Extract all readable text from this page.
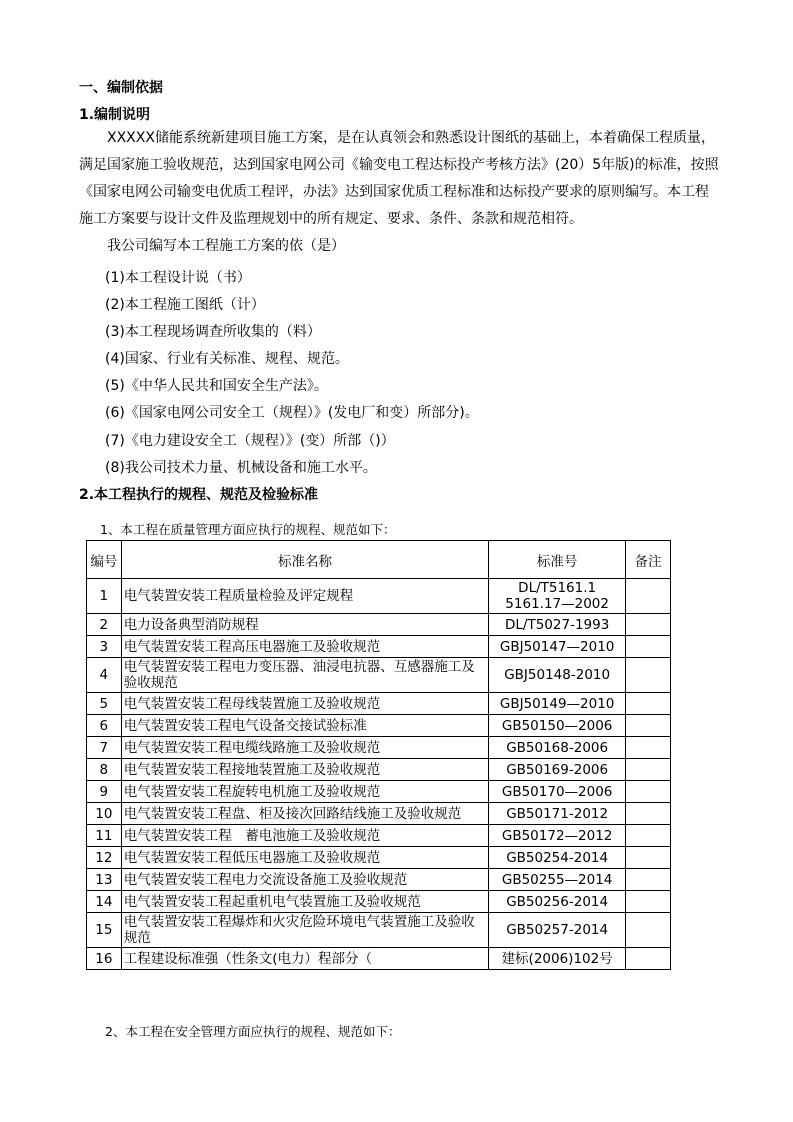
一、编制依据
1.编制说明
XXXXX储能系统新建项目施工方案，是在认真领会和熟悉设计图纸的基础上，本着确保工程质量，满足国家施工验收规范，达到国家电网公司《输变电工程达标投产考核方法》(20）5年版)的标准，按照《国家电网公司输变电优质工程评，办法》达到国家优质工程标准和达标投产要求的原则编写。本工程施工方案要与设计文件及监理规划中的所有规定、要求、条件、条款和规范相符。
我公司编写本工程施工方案的依（是）
(1)本工程设计说（书）
(2)本工程施工图纸（计）
(3)本工程现场调查所收集的（料）
(4)国家、行业有关标准、规程、规范。
(5)《中华人民共和国安全生产法》。
(6)《国家电网公司安全工（规程）》(发电厂和变）所部分)。
(7)《电力建设安全工（规程）》(变）所部（)）
(8)我公司技术力量、机械设备和施工水平。
2.本工程执行的规程、规范及检验标准
1、本工程在质量管理方面应执行的规程、规范如下：
编号	标准名称	标准号	备注
1	电气装置安装工程质量检验及评定规程	DL/T5161.1
5161.17—2002	
2	电力设备典型消防规程	DL/T5027-1993	
3	电气装置安装工程高压电器施工及验收规范	GBJ50147—2010	
4	电气装置安装工程电力变压器、油浸电抗器、互感器施工及验收规范	GBJ50148-2010	
5	电气装置安装工程母线装置施工及验收规范	GBJ50149—2010	
6	电气装置安装工程电气设备交接试验标准	GB50150—2006	
7	电气装置安装工程电缆线路施工及验收规范	GB50168-2006	
8	电气装置安装工程接地装置施工及验收规范	GB50169-2006	
9	电气装置安装工程旋转电机施工及验收规范	GB50170—2006	
10	电气装置安装工程盘、柜及接次回路结线施工及验收规范	GB50171-2012	
11	电气装置安装工程　蓄电池施工及验收规范	GB50172—2012	
12	电气装置安装工程低压电器施工及验收规范	GB50254-2014	
13	电气装置安装工程电力交流设备施工及验收规范	GB50255—2014	
14	电气装置安装工程起重机电气装置施工及验收规范	GB50256-2014	
15	电气装置安装工程爆炸和火灾危险环境电气装置施工及验收规范	GB50257-2014	
16	工程建设标准强（性条文(电力）程部分（	建标(2006)102号	
2、本工程在安全管理方面应执行的规程、规范如下：
